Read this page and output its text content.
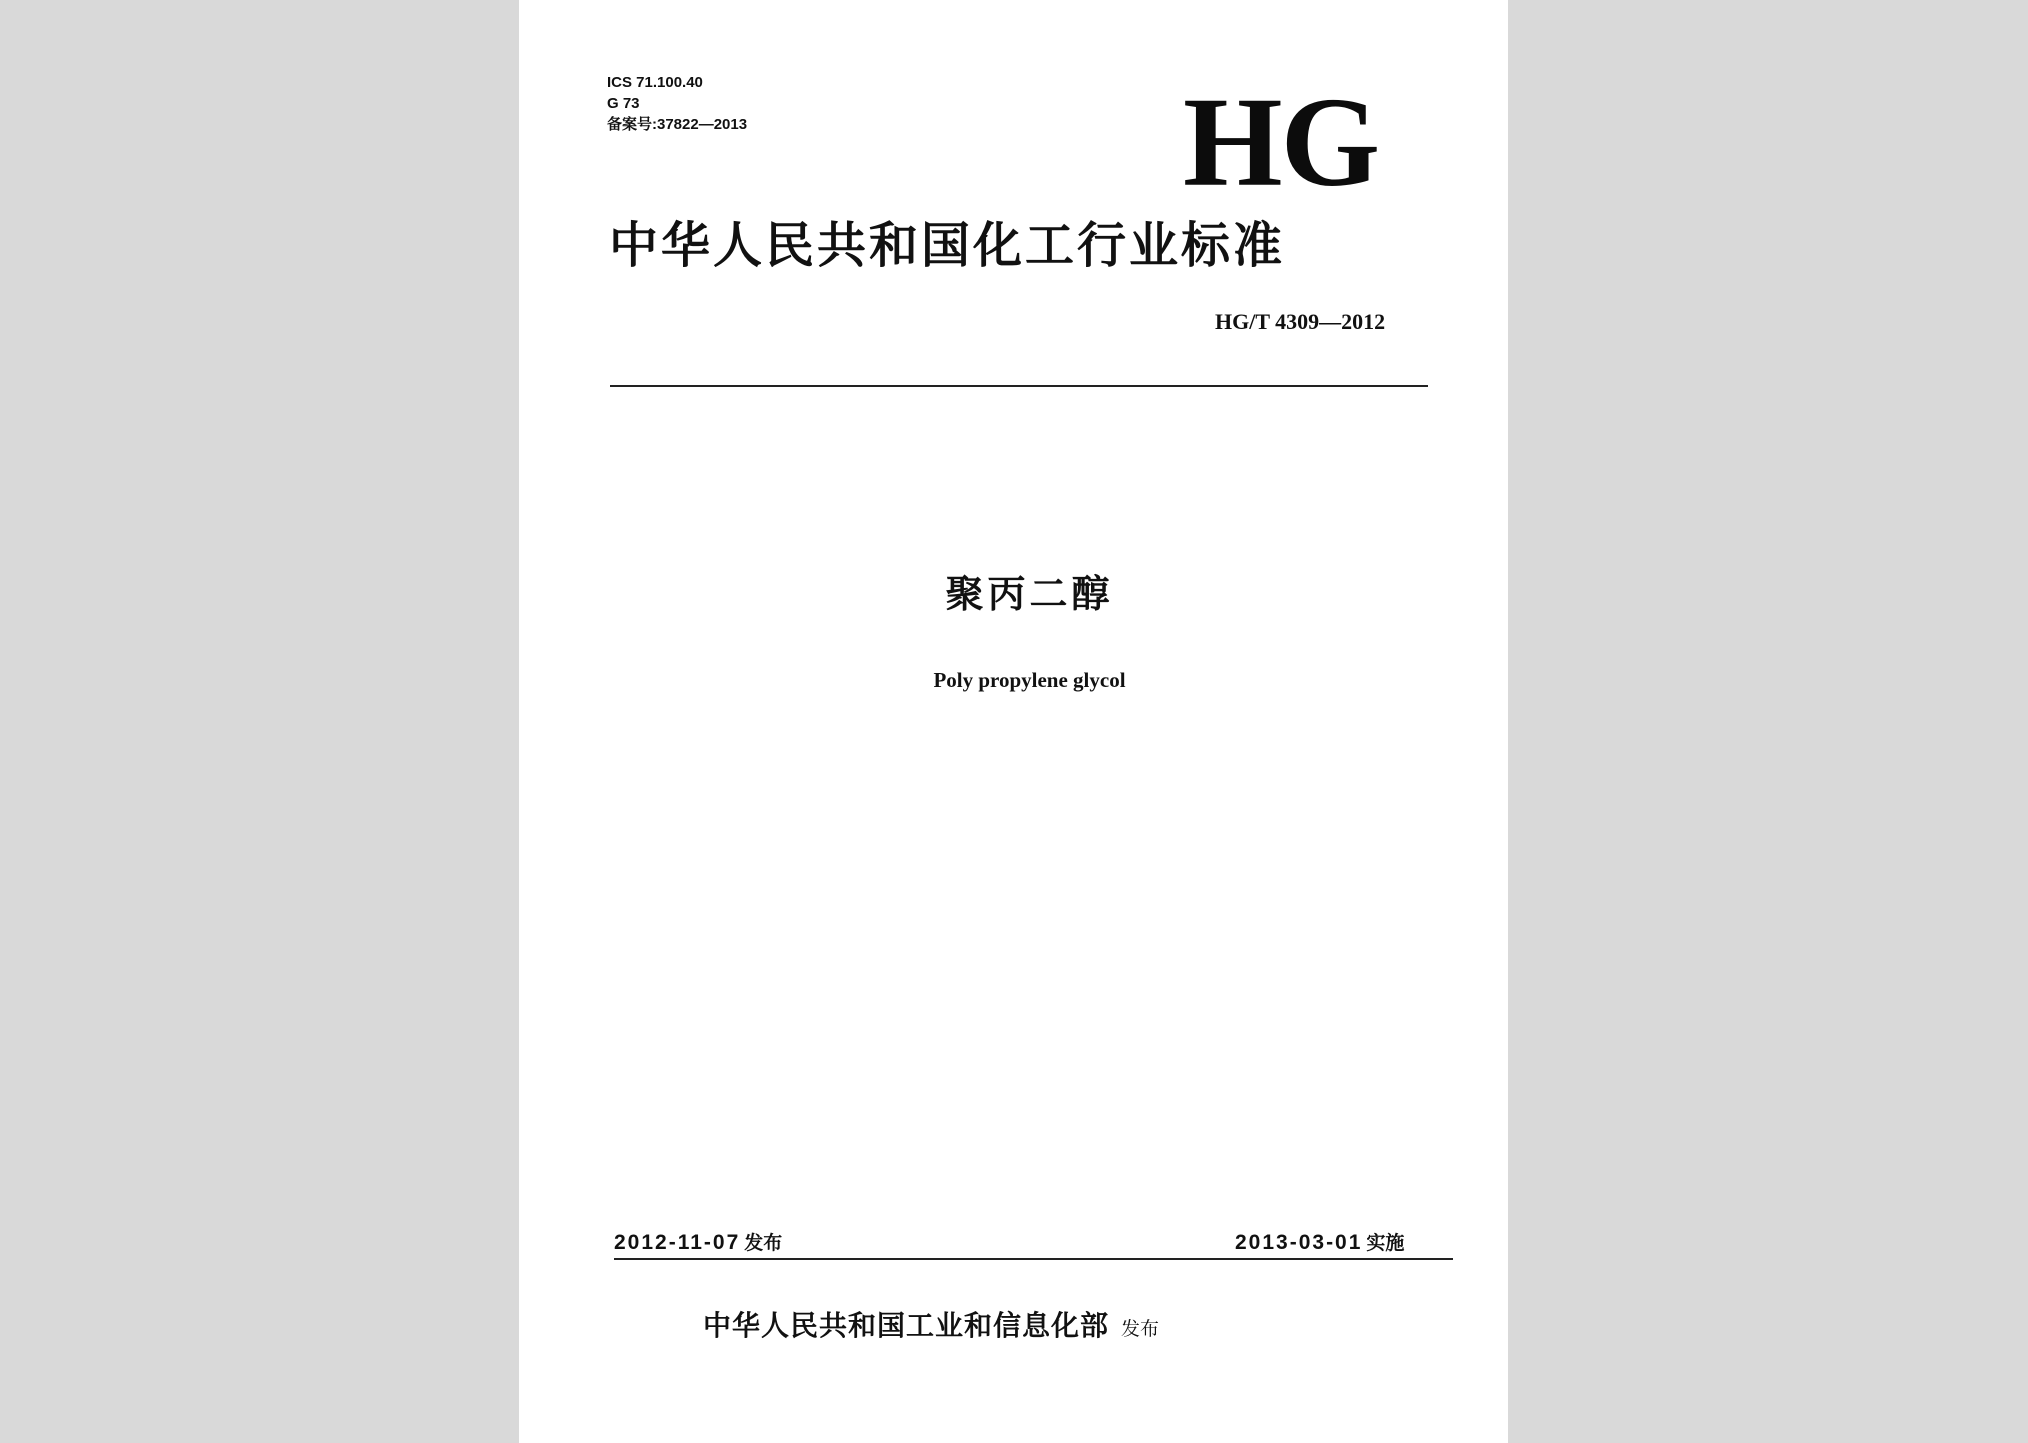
ICS 71.100.40
G 73
备案号:37822—2013	HG
中华人民共和国化工行业标准
HG/T 4309—2012
聚丙二醇
Poly propylene glycol
2012-11-07 发布	2013-03-01 实施
中华人民共和国工业和信息化部 发布
